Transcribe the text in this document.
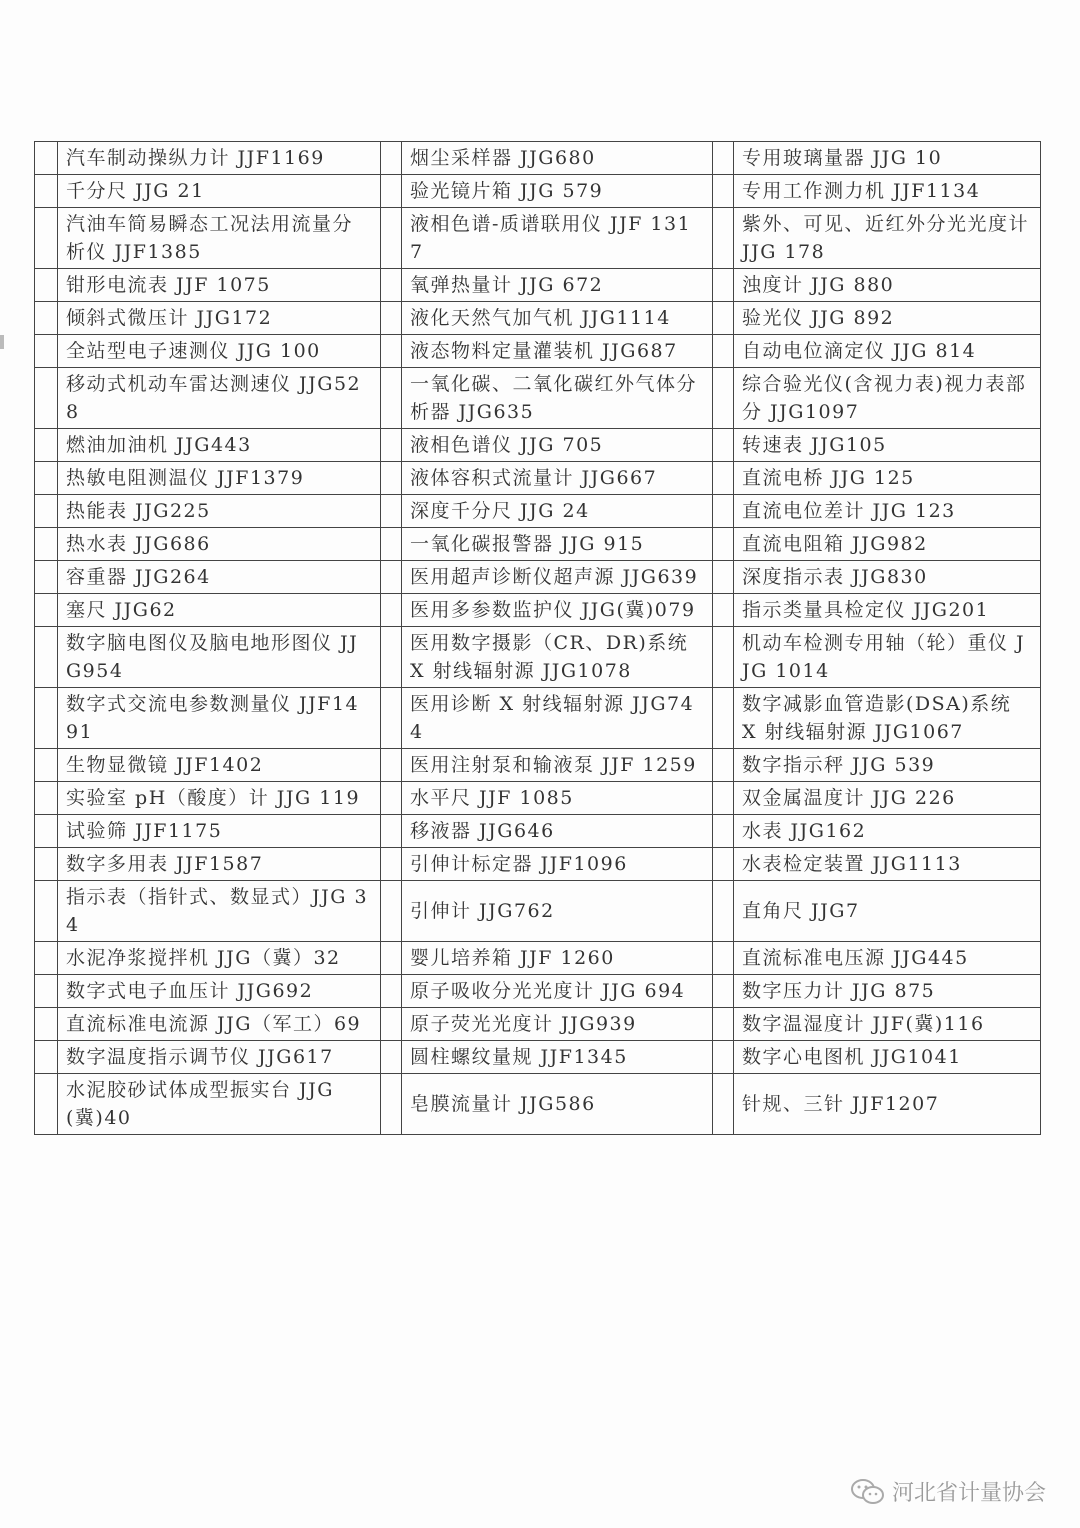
	汽车制动操纵力计 JJF1169		烟尘采样器 JJG680		专用玻璃量器 JJG 10
	千分尺 JJG 21		验光镜片箱 JJG 579		专用工作测力机 JJF1134
	汽油车简易瞬态工况法用流量分析仪 JJF1385		液相色谱-质谱联用仪 JJF 1317		紫外、可见、近红外分光光度计 JJG 178
	钳形电流表 JJF 1075		氧弹热量计 JJG 672		浊度计 JJG 880
	倾斜式微压计 JJG172		液化天然气加气机 JJG1114		验光仪 JJG 892
	全站型电子速测仪 JJG 100		液态物料定量灌装机 JJG687		自动电位滴定仪 JJG 814
	移动式机动车雷达测速仪 JJG528		一氧化碳、二氧化碳红外气体分析器 JJG635		综合验光仪(含视力表)视力表部分 JJG1097
	燃油加油机 JJG443		液相色谱仪 JJG 705		转速表 JJG105
	热敏电阻测温仪 JJF1379		液体容积式流量计 JJG667		直流电桥 JJG 125
	热能表 JJG225		深度千分尺 JJG 24		直流电位差计 JJG 123
	热水表 JJG686		一氧化碳报警器 JJG 915		直流电阻箱 JJG982
	容重器 JJG264		医用超声诊断仪超声源 JJG639		深度指示表 JJG830
	塞尺 JJG62		医用多参数监护仪 JJG(冀)079		指示类量具检定仪 JJG201
	数字脑电图仪及脑电地形图仪 JJG954		医用数字摄影（CR、DR)系统 X 射线辐射源 JJG1078		机动车检测专用轴（轮）重仪 JJG 1014
	数字式交流电参数测量仪 JJF1491		医用诊断 X 射线辐射源 JJG744		数字减影血管造影(DSA)系统 X 射线辐射源 JJG1067
	生物显微镜 JJF1402		医用注射泵和输液泵 JJF 1259		数字指示秤 JJG 539
	实验室 pH（酸度）计 JJG 119		水平尺 JJF 1085		双金属温度计 JJG 226
	试验筛 JJF1175		移液器 JJG646		水表 JJG162
	数字多用表 JJF1587		引伸计标定器 JJF1096		水表检定装置 JJG1113
	指示表（指针式、数显式）JJG 34		引伸计 JJG762		直角尺 JJG7
	水泥净浆搅拌机 JJG（冀）32		婴儿培养箱 JJF 1260		直流标准电压源 JJG445
	数字式电子血压计 JJG692		原子吸收分光光度计 JJG 694		数字压力计 JJG 875
	直流标准电流源 JJG（军工）69		原子荧光光度计 JJG939		数字温湿度计 JJF(冀)116
	数字温度指示调节仪 JJG617		圆柱螺纹量规 JJF1345		数字心电图机 JJG1041
	水泥胶砂试体成型振实台 JJG(冀)40		皂膜流量计 JJG586		针规、三针 JJF1207
河北省计量协会
